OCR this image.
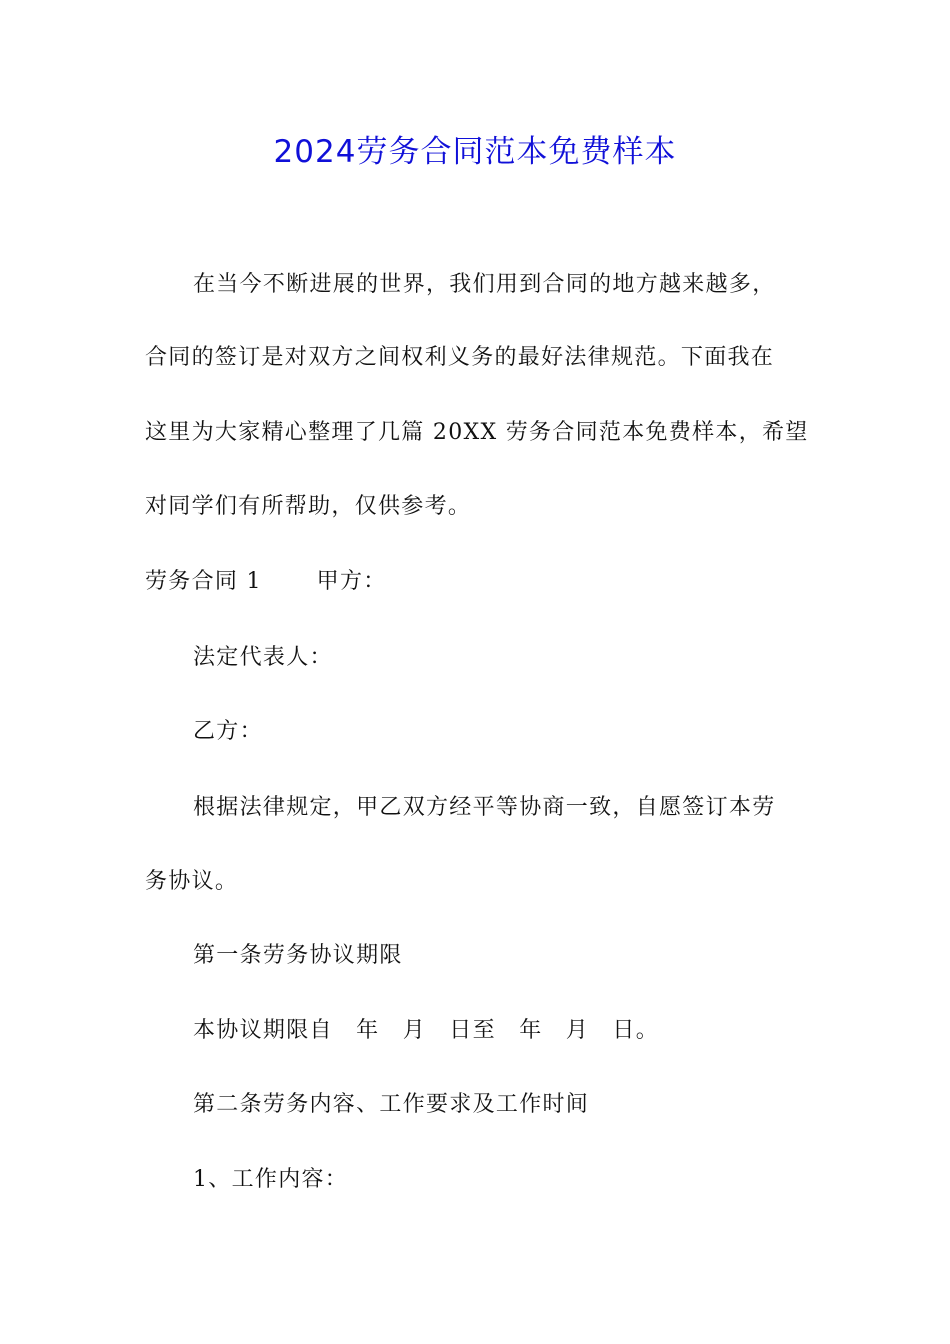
2024劳务合同范本免费样本
在当今不断进展的世界，我们用到合同的地方越来越多，
合同的签订是对双方之间权利义务的最好法律规范。下面我在
这里为大家精心整理了几篇 20XX 劳务合同范本免费样本，希望
对同学们有所帮助，仅供参考。
劳务合同 1　　 甲方：
法定代表人：
乙方：
根据法律规定，甲乙双方经平等协商一致，自愿签订本劳
务协议。
第一条劳务协议期限
本协议期限自　年　月　日至　年　月　日。
第二条劳务内容、工作要求及工作时间
1、工作内容：
